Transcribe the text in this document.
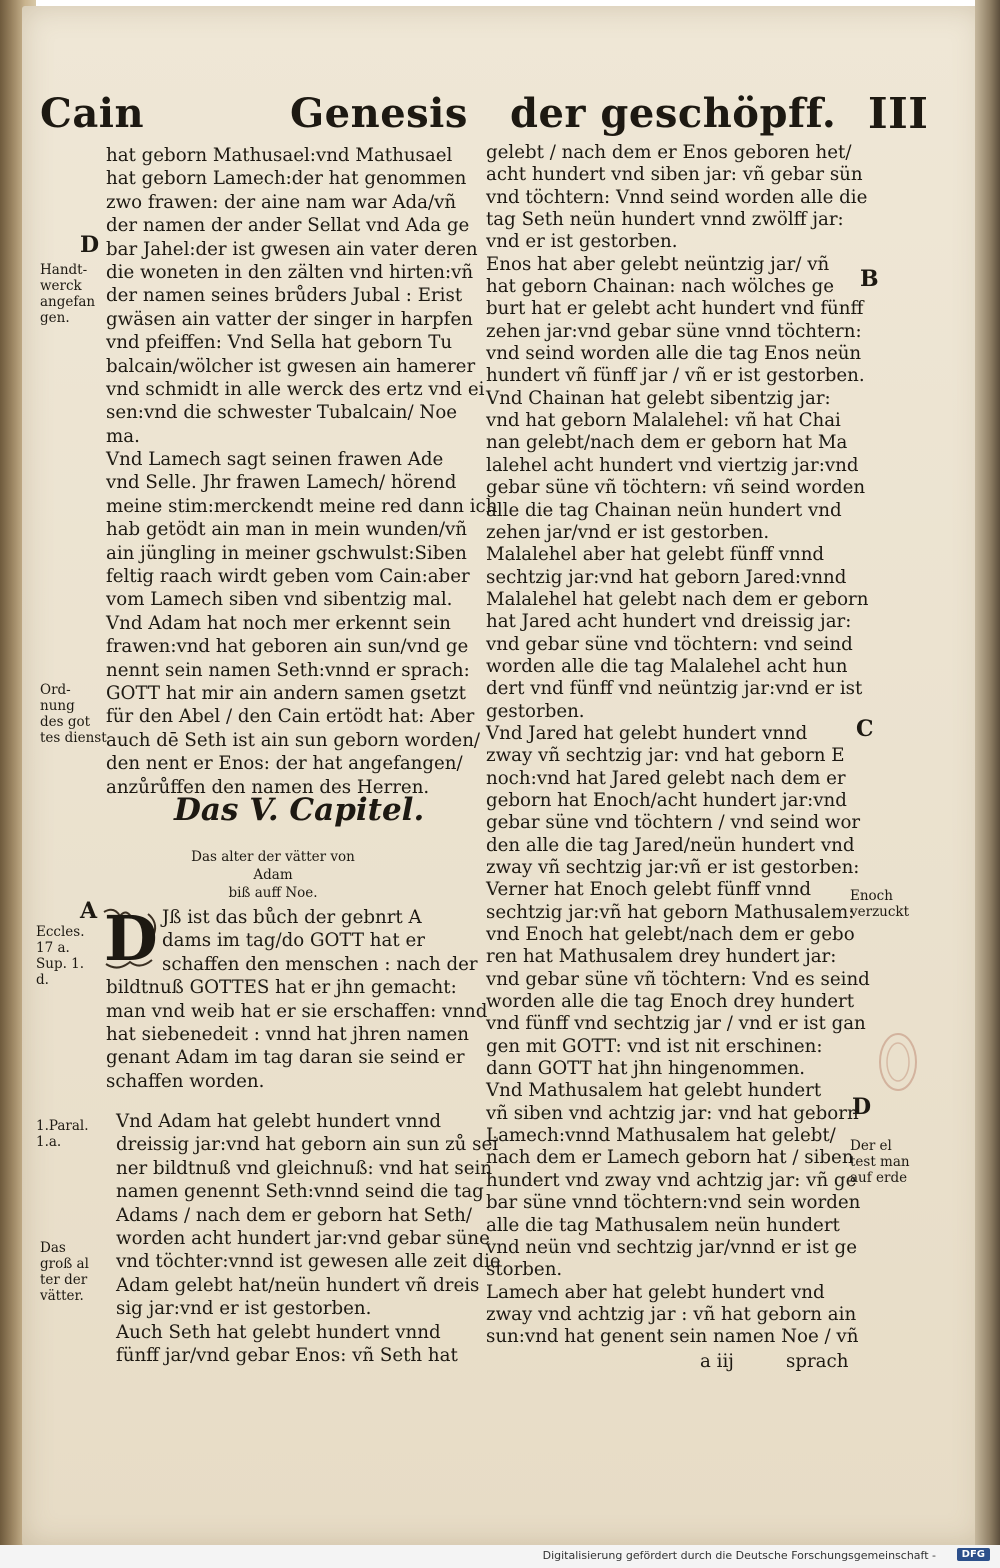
Cain	Genesis der geschöpff. III
hat geborn Mathusael:vnd Mathusael
hat geborn Lamech:der hat genommen
zwo frawen: der aine nam war Ada/vñ
der namen der ander Sellat vnd Ada ge
bar Jahel:der ist gwesen ain vater deren
die woneten in den zälten vnd hirten:vñ
der namen seines brůders Jubal : Erist
gwäsen ain vatter der singer in harpfen
vnd pfeiffen: Vnd Sella hat geborn Tu
balcain/wölcher ist gwesen ain hamerer
vnd schmidt in alle werck des ertz vnd ei
sen:vnd die schwester Tubalcain/ Noe
ma.
Vnd Lamech sagt seinen frawen Ade
vnd Selle. Jhr frawen Lamech/ hörend
meine stim:merckendt meine red dann ich
hab getödt ain man in mein wunden/vñ
ain jüngling in meiner gschwulst:Siben
feltig raach wirdt geben vom Cain:aber
vom Lamech siben vnd sibentzig mal.
Vnd Adam hat noch mer erkennt sein
frawen:vnd hat geboren ain sun/vnd ge
nennt sein namen Seth:vnnd er sprach:
GOTT hat mir ain andern samen gsetzt
für den Abel / den Cain ertödt hat: Aber
auch dē Seth ist ain sun geborn worden/
den nent er Enos: der hat angefangen/
anzůrůffen den namen des Herren.
Das V. Capitel.
Das alter der vätter von Adam
biß auff Noe.
D Jß ist das bůch der gebnrt A
dams im tag/do GOTT hat er
schaffen den menschen : nach der
bildtnuß GOTTES hat er jhn gemacht:
man vnd weib hat er sie erschaffen: vnnd
hat siebenedeit : vnnd hat jhren namen
genant Adam im tag daran sie seind er
schaffen worden.
Vnd Adam hat gelebt hundert vnnd
dreissig jar:vnd hat geborn ain sun zů sei
ner bildtnuß vnd gleichnuß: vnd hat sein
namen genennt Seth:vnnd seind die tag
Adams / nach dem er geborn hat Seth/
worden acht hundert jar:vnd gebar süne
vnd töchter:vnnd ist gewesen alle zeit die
Adam gelebt hat/neün hundert vñ dreis
sig jar:vnd er ist gestorben.
Auch Seth hat gelebt hundert vnnd
fünff jar/vnd gebar Enos: vñ Seth hat
gelebt / nach dem er Enos geboren het/
acht hundert vnd siben jar: vñ gebar sün
vnd töchtern: Vnnd seind worden alle die
tag Seth neün hundert vnnd zwölff jar:
vnd er ist gestorben.
Enos hat aber gelebt neüntzig jar/ vñ
hat geborn Chainan: nach wölches ge
burt hat er gelebt acht hundert vnd fünff
zehen jar:vnd gebar süne vnnd töchtern:
vnd seind worden alle die tag Enos neün
hundert vñ fünff jar / vñ er ist gestorben.
Vnd Chainan hat gelebt sibentzig jar:
vnd hat geborn Malalehel: vñ hat Chai
nan gelebt/nach dem er geborn hat Ma
lalehel acht hundert vnd viertzig jar:vnd
gebar süne vñ töchtern: vñ seind worden
alle die tag Chainan neün hundert vnd
zehen jar/vnd er ist gestorben.
Malalehel aber hat gelebt fünff vnnd
sechtzig jar:vnd hat geborn Jared:vnnd
Malalehel hat gelebt nach dem er geborn
hat Jared acht hundert vnd dreissig jar:
vnd gebar süne vnd töchtern: vnd seind
worden alle die tag Malalehel acht hun
dert vnd fünff vnd neüntzig jar:vnd er ist
gestorben.
Vnd Jared hat gelebt hundert vnnd
zway vñ sechtzig jar: vnd hat geborn E
noch:vnd hat Jared gelebt nach dem er
geborn hat Enoch/acht hundert jar:vnd
gebar süne vnd töchtern / vnd seind wor
den alle die tag Jared/neün hundert vnd
zway vñ sechtzig jar:vñ er ist gestorben:
Verner hat Enoch gelebt fünff vnnd
sechtzig jar:vñ hat geborn Mathusalem:
vnd Enoch hat gelebt/nach dem er gebo
ren hat Mathusalem drey hundert jar:
vnd gebar süne vñ töchtern: Vnd es seind
worden alle die tag Enoch drey hundert
vnd fünff vnd sechtzig jar / vnd er ist gan
gen mit GOTT: vnd ist nit erschinen:
dann GOTT hat jhn hingenommen.
Vnd Mathusalem hat gelebt hundert
vñ siben vnd achtzig jar: vnd hat geborn
Lamech:vnnd Mathusalem hat gelebt/
nach dem er Lamech geborn hat / siben
hundert vnd zway vnd achtzig jar: vñ ge
bar süne vnnd töchtern:vnd sein worden
alle die tag Mathusalem neün hundert
vnd neün vnd sechtzig jar/vnnd er ist ge
storben.
Lamech aber hat gelebt hundert vnd
zway vnd achtzig jar : vñ hat geborn ain
sun:vnd hat genent sein namen Noe / vñ
a iij	sprach
D
Handt-
werck
angefan
gen.
Ord-
nung
des got
tes dienst
A
Eccles.
17 a.
Sup. 1.
d.
1.Paral.
1.a.
Das
groß al
ter der
vätter.
B
C
Enoch
verzuckt
D
Der el
test man
auf erde
Digitalisierung gefördert durch die Deutsche Forschungsgemeinschaft -	DFG
